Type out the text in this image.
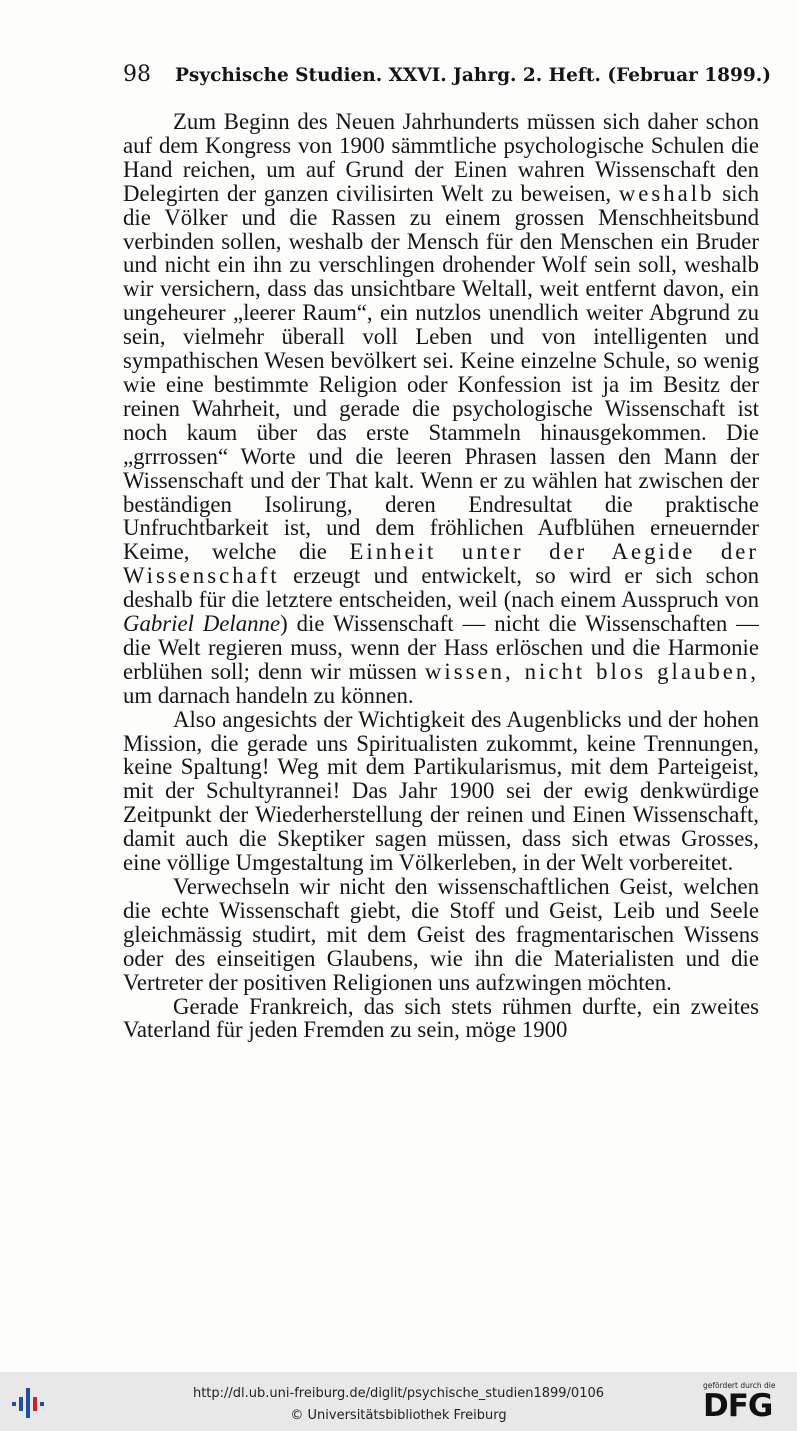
98 Psychische Studien. XXVI. Jahrg. 2. Heft. (Februar 1899.)

Zum Beginn des Neuen Jahrhunderts müssen sich daher schon auf dem Kongress von 1900 sämmtliche psychologische Schulen die Hand reichen, um auf Grund der Einen wahren Wissenschaft den Delegirten der ganzen civilisirten Welt zu beweisen, weshalb sich die Völker und die Rassen zu einem grossen Menschheitsbund verbinden sollen, weshalb der Mensch für den Menschen ein Bruder und nicht ein ihn zu verschlingen drohender Wolf sein soll, weshalb wir versichern, dass das unsichtbare Weltall, weit entfernt davon, ein ungeheurer „leerer Raum“, ein nutzlos unendlich weiter Abgrund zu sein, vielmehr überall voll Leben und von intelligenten und sympathischen Wesen bevölkert sei. Keine einzelne Schule, so wenig wie eine bestimmte Religion oder Konfession ist ja im Besitz der reinen Wahrheit, und gerade die psychologische Wissenschaft ist noch kaum über das erste Stammeln hinausgekommen. Die „grrrossen“ Worte und die leeren Phrasen lassen den Mann der Wissenschaft und der That kalt. Wenn er zu wählen hat zwischen der beständigen Isolirung, deren Endresultat die praktische Unfruchtbarkeit ist, und dem fröhlichen Aufblühen erneuernder Keime, welche die Einheit unter der Aegide der Wissenschaft erzeugt und entwickelt, so wird er sich schon deshalb für die letztere entscheiden, weil (nach einem Ausspruch von Gabriel Delanne) die Wissenschaft — nicht die Wissenschaften — die Welt regieren muss, wenn der Hass erlöschen und die Harmonie erblühen soll; denn wir müssen wissen, nicht blos glauben, um darnach handeln zu können.

Also angesichts der Wichtigkeit des Augenblicks und der hohen Mission, die gerade uns Spiritualisten zukommt, keine Trennungen, keine Spaltung! Weg mit dem Partikularismus, mit dem Parteigeist, mit der Schultyrannei! Das Jahr 1900 sei der ewig denkwürdige Zeitpunkt der Wiederherstellung der reinen und Einen Wissenschaft, damit auch die Skeptiker sagen müssen, dass sich etwas Grosses, eine völlige Umgestaltung im Völkerleben, in der Welt vorbereitet.

Verwechseln wir nicht den wissenschaftlichen Geist, welchen die echte Wissenschaft giebt, die Stoff und Geist, Leib und Seele gleichmässig studirt, mit dem Geist des fragmentarischen Wissens oder des einseitigen Glaubens, wie ihn die Materialisten und die Vertreter der positiven Religionen uns aufzwingen möchten.

Gerade Frankreich, das sich stets rühmen durfte, ein zweites Vaterland für jeden Fremden zu sein, möge 1900

http://dl.ub.uni-freiburg.de/diglit/psychische_studien1899/0106
© Universitätsbibliothek Freiburg
gefördert durch die
DFG
